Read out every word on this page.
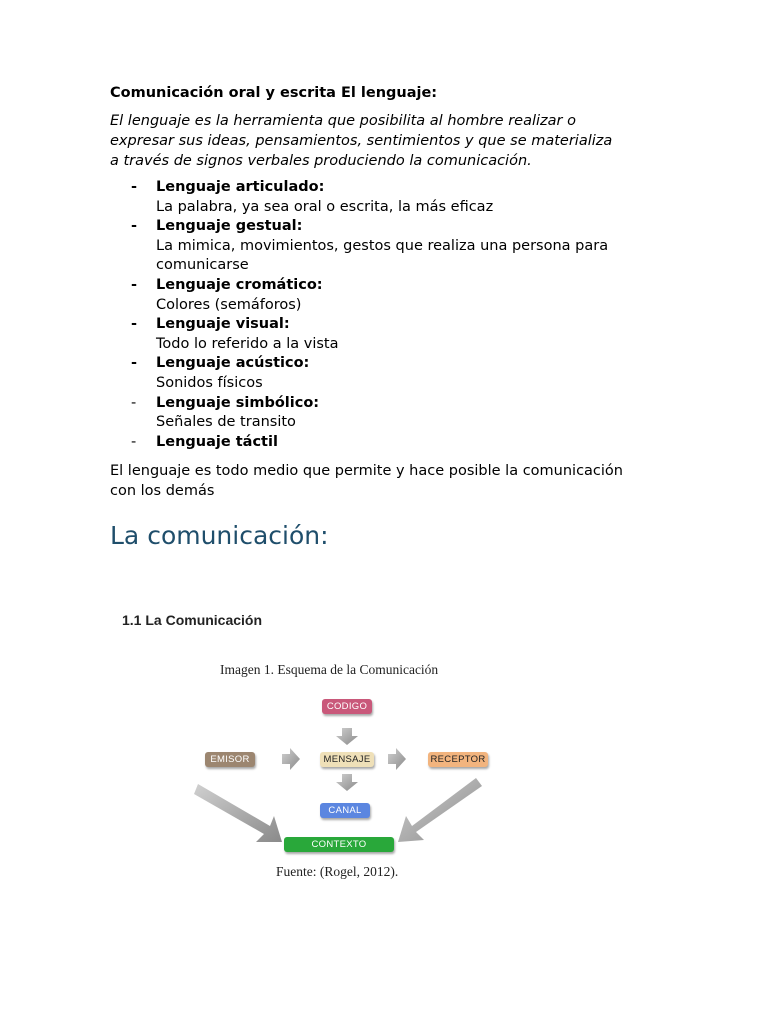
Comunicación oral y escrita El lenguaje:
El lenguaje es la herramienta que posibilita al hombre realizar o
expresar sus ideas, pensamientos, sentimientos y que se materializa
a través de signos verbales produciendo la comunicación.
- Lenguaje articulado:
La palabra, ya sea oral o escrita, la más eficaz
- Lenguaje gestual:
La mimica, movimientos, gestos que realiza una persona para comunicarse
- Lenguaje cromático:
Colores (semáforos)
- Lenguaje visual:
Todo lo referido a la vista
- Lenguaje acústico:
Sonidos físicos
- Lenguaje simbólico:
Señales de transito
- Lenguaje táctil
El lenguaje es todo medio que permite y hace posible la comunicación
con los demás
La comunicación:
1.1 La Comunicación
Imagen 1. Esquema de la Comunicación
CODIGO
EMISOR	MENSAJE	RECEPTOR
CANAL
CONTEXTO
Fuente: (Rogel, 2012).
